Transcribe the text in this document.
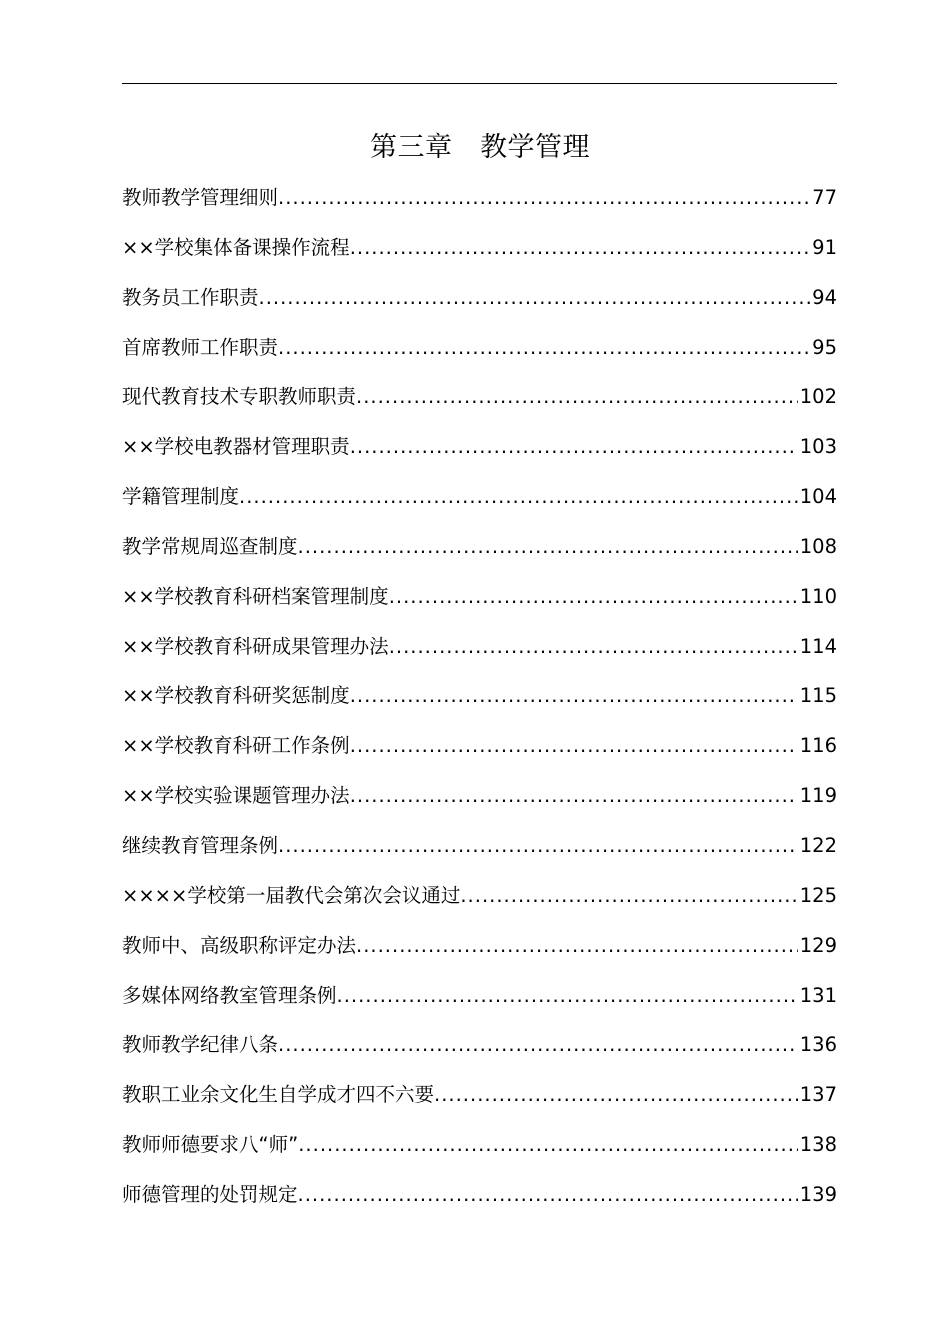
第三章　教学管理
教师教学管理细则 .....	77
××学校集体备课操作流程 .....	91
教务员工作职责 .....	94
首席教师工作职责 .....	95
现代教育技术专职教师职责 .....	102
××学校电教器材管理职责 .....	103
学籍管理制度 .....	104
教学常规周巡查制度 .....	108
××学校教育科研档案管理制度 .....	110
××学校教育科研成果管理办法 .....	114
××学校教育科研奖惩制度 .....	115
××学校教育科研工作条例 .....	116
××学校实验课题管理办法 .....	119
继续教育管理条例 .....	122
××××学校第一届教代会第次会议通过 .....	125
教师中、高级职称评定办法 .....	129
多媒体网络教室管理条例 .....	131
教师教学纪律八条 .....	136
教职工业余文化生自学成才四不六要 .....	137
教师师德要求八“师” .....	138
师德管理的处罚规定 .....	139
